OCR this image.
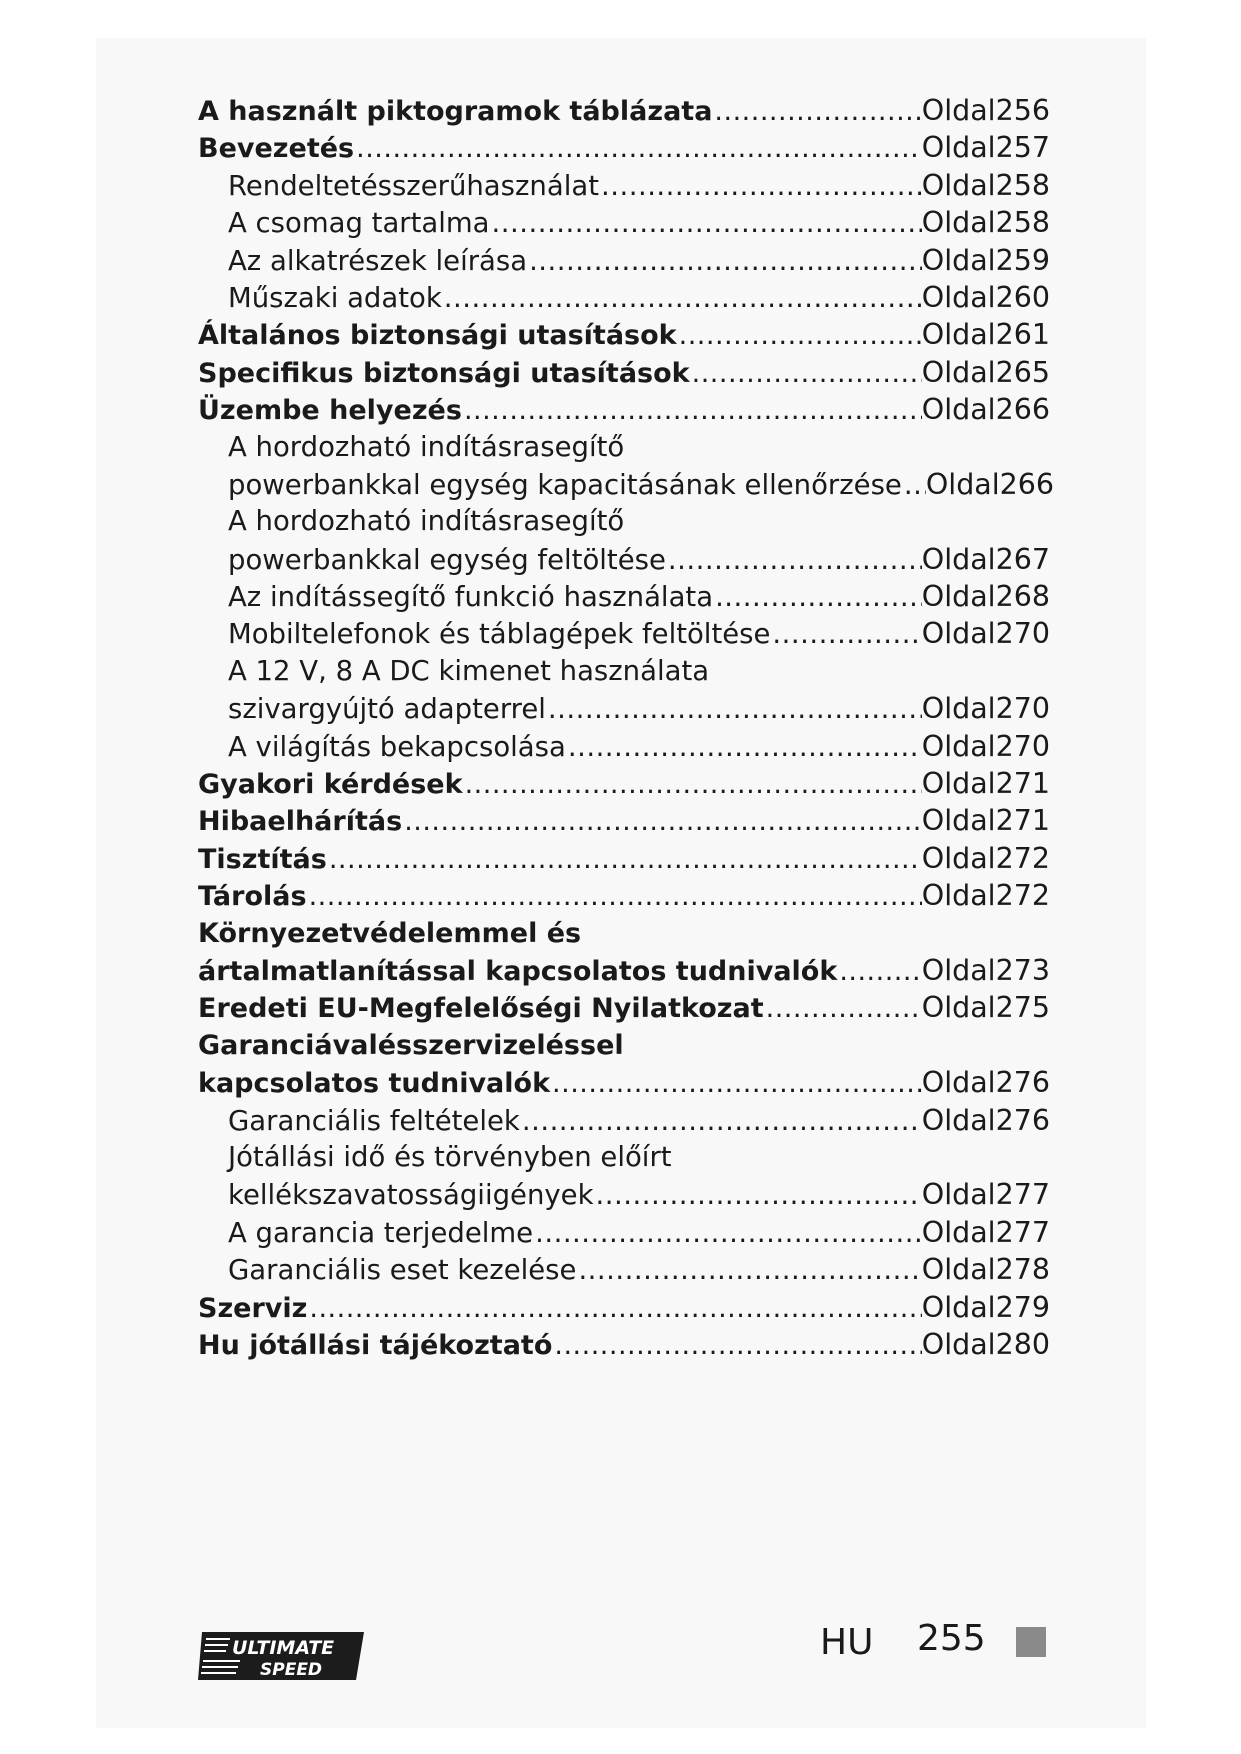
A használt piktogramok táblázata .....	Oldal256
Bevezetés .....	Oldal257
Rendeltetésszerűhasználat .....	Oldal258
A csomag tartalma .....	Oldal258
Az alkatrészek leírása .....	Oldal259
Műszaki adatok .....	Oldal260
Általános biztonsági utasítások .....	Oldal261
Specifikus biztonsági utasítások .....	Oldal265
Üzembe helyezés .....	Oldal266
A hordozható indításrasegítő
powerbankkal egység kapacitásának ellenőrzése ..... Oldal266
A hordozható indításrasegítő
powerbankkal egység feltöltése .....	Oldal267
Az indítássegítő funkció használata .....	Oldal268
Mobiltelefonok és táblagépek feltöltése .....	Oldal270
A 12 V, 8 A DC kimenet használata
szivargyújtó adapterrel .....	Oldal270
A világítás bekapcsolása .....	Oldal270
Gyakori kérdések .....	Oldal271
Hibaelhárítás .....	Oldal271
Tisztítás .....	Oldal272
Tárolás .....	Oldal272
Környezetvédelemmel és
ártalmatlanítással kapcsolatos tudnivalók .....	Oldal273
Eredeti EU-Megfelelőségi Nyilatkozat .....	Oldal275
Garanciávalésszervizeléssel
kapcsolatos tudnivalók .....	Oldal276
Garanciális feltételek .....	Oldal276
Jótállási idő és törvényben előírt
kellékszavatosságiigények .....	Oldal277
A garancia terjedelme .....	Oldal277
Garanciális eset kezelése .....	Oldal278
Szerviz .....	Oldal279
Hu jótállási tájékoztató .....	Oldal280
ULTIMATE
SPEED
HU 255
